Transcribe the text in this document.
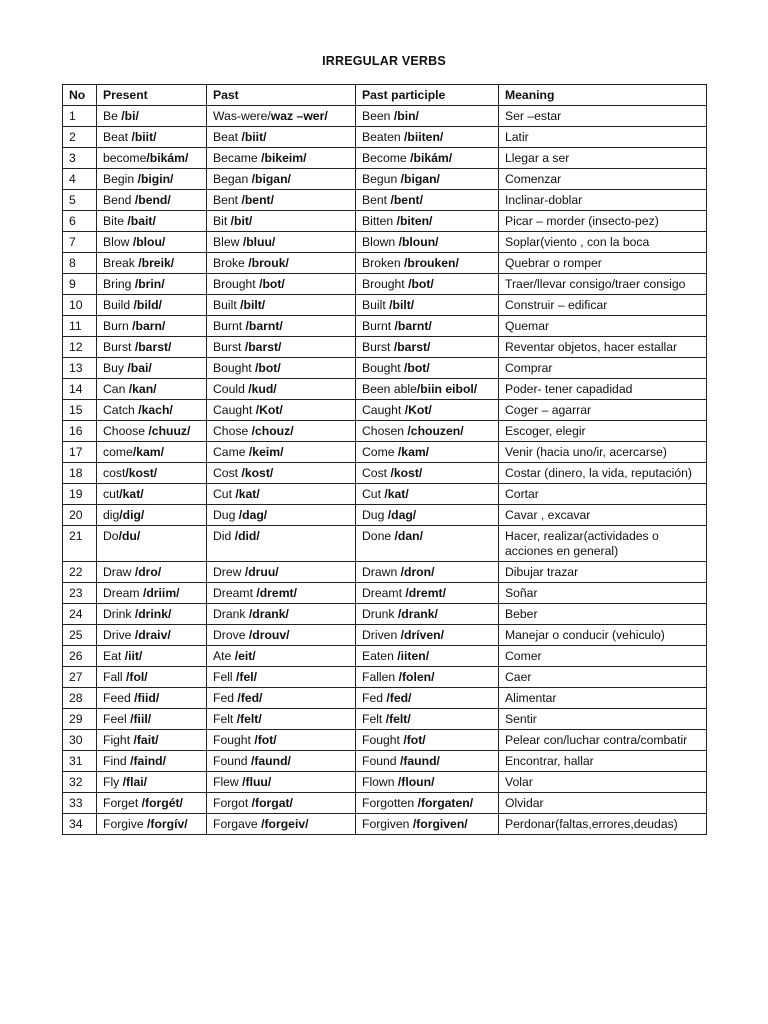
IRREGULAR VERBS
No	Present	Past	Past participle	Meaning
1	Be /bi/	Was-were/waz –wer/	Been /bin/	Ser –estar
2	Beat /biit/	Beat /biit/	Beaten /biiten/	Latir
3	become/bikám/	Became /bikeim/	Become /bikám/	Llegar a ser
4	Begin /bigin/	Began /bigan/	Begun /bigan/	Comenzar
5	Bend /bend/	Bent /bent/	Bent /bent/	Inclinar-doblar
6	Bite /bait/	Bit /bit/	Bitten /biten/	Picar – morder (insecto-pez)
7	Blow /blou/	Blew /bluu/	Blown /bloun/	Soplar(viento , con la boca
8	Break /breik/	Broke /brouk/	Broken /brouken/	Quebrar o romper
9	Bring /brin/	Brought /bot/	Brought /bot/	Traer/llevar consigo/traer consigo
10	Build /bild/	Built /bilt/	Built /bilt/	Construir – edificar
11	Burn /barn/	Burnt /barnt/	Burnt /barnt/	Quemar
12	Burst /barst/	Burst /barst/	Burst /barst/	Reventar objetos, hacer estallar
13	Buy /bai/	Bought /bot/	Bought /bot/	Comprar
14	Can /kan/	Could /kud/	Been able/biin eibol/	Poder- tener capadidad
15	Catch /kach/	Caught /Kot/	Caught /Kot/	Coger – agarrar
16	Choose /chuuz/	Chose /chouz/	Chosen /chouzen/	Escoger, elegir
17	come/kam/	Came /keim/	Come /kam/	Venir (hacia uno/ir, acercarse)
18	cost/kost/	Cost /kost/	Cost /kost/	Costar (dinero, la vida, reputación)
19	cut/kat/	Cut /kat/	Cut /kat/	Cortar
20	dig/dig/	Dug /dag/	Dug /dag/	Cavar , excavar
21	Do/du/	Did /did/	Done /dan/	Hacer, realizar(actividades o acciones en general)
22	Draw /dro/	Drew /druu/	Drawn /dron/	Dibujar trazar
23	Dream /driim/	Dreamt /dremt/	Dreamt /dremt/	Soñar
24	Drink /drink/	Drank /drank/	Drunk /drank/	Beber
25	Drive /draiv/	Drove /drouv/	Driven /dríven/	Manejar o conducir (vehiculo)
26	Eat /iit/	Ate /eit/	Eaten /iiten/	Comer
27	Fall /fol/	Fell /fel/	Fallen /folen/	Caer
28	Feed /fiid/	Fed /fed/	Fed /fed/	Alimentar
29	Feel /fiil/	Felt /felt/	Felt /felt/	Sentir
30	Fight /fait/	Fought /fot/	Fought /fot/	Pelear con/luchar contra/combatir
31	Find /faind/	Found /faund/	Found /faund/	Encontrar, hallar
32	Fly /flai/	Flew /fluu/	Flown /floun/	Volar
33	Forget /forgét/	Forgot /forgat/	Forgotten /forgaten/	Olvidar
34	Forgive /forgív/	Forgave /forgeiv/	Forgiven /forgiven/	Perdonar(faltas,errores,deudas)
